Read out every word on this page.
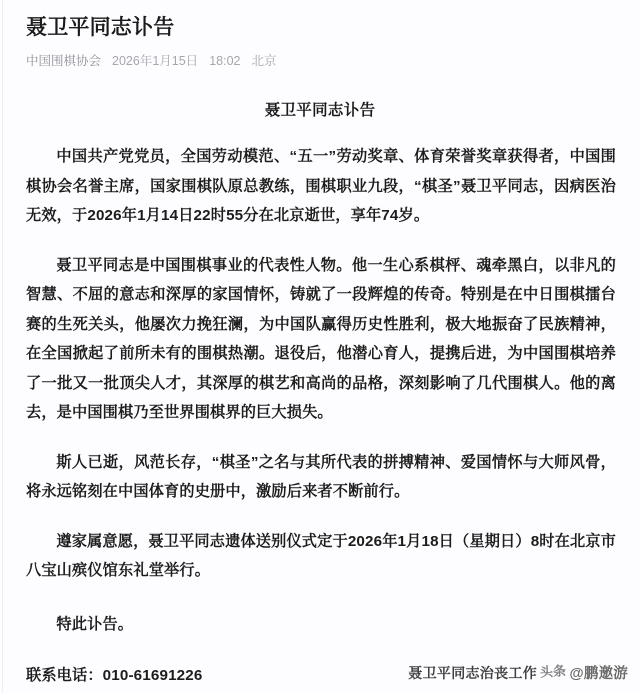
聂卫平同志讣告
中国围棋协会 2026年1月15日 18:02 北京
聂卫平同志讣告

中国共产党党员，全国劳动模范、“五一”劳动奖章、体育荣誉奖章获得者，中国围棋协会名誉主席，国家围棋队原总教练，围棋职业九段，“棋圣”聂卫平同志，因病医治无效，于2026年1月14日22时55分在北京逝世，享年74岁。

聂卫平同志是中国围棋事业的代表性人物。他一生心系棋枰、魂牵黑白，以非凡的智慧、不屈的意志和深厚的家国情怀，铸就了一段辉煌的传奇。特别是在中日围棋擂台赛的生死关头，他屡次力挽狂澜，为中国队赢得历史性胜利，极大地振奋了民族精神，在全国掀起了前所未有的围棋热潮。退役后，他潜心育人，提携后进，为中国围棋培养了一批又一批顶尖人才，其深厚的棋艺和高尚的品格，深刻影响了几代围棋人。他的离去，是中国围棋乃至世界围棋界的巨大损失。

斯人已逝，风范长存，“棋圣”之名与其所代表的拼搏精神、爱国情怀与大师风骨，将永远铭刻在中国体育的史册中，激励后来者不断前行。

遵家属意愿，聂卫平同志遗体送别仪式定于2026年1月18日（星期日）8时在北京市八宝山殡仪馆东礼堂举行。

特此讣告。

联系电话：010-61691226	聂卫平同志治丧工作 头条 @鹏邀游
